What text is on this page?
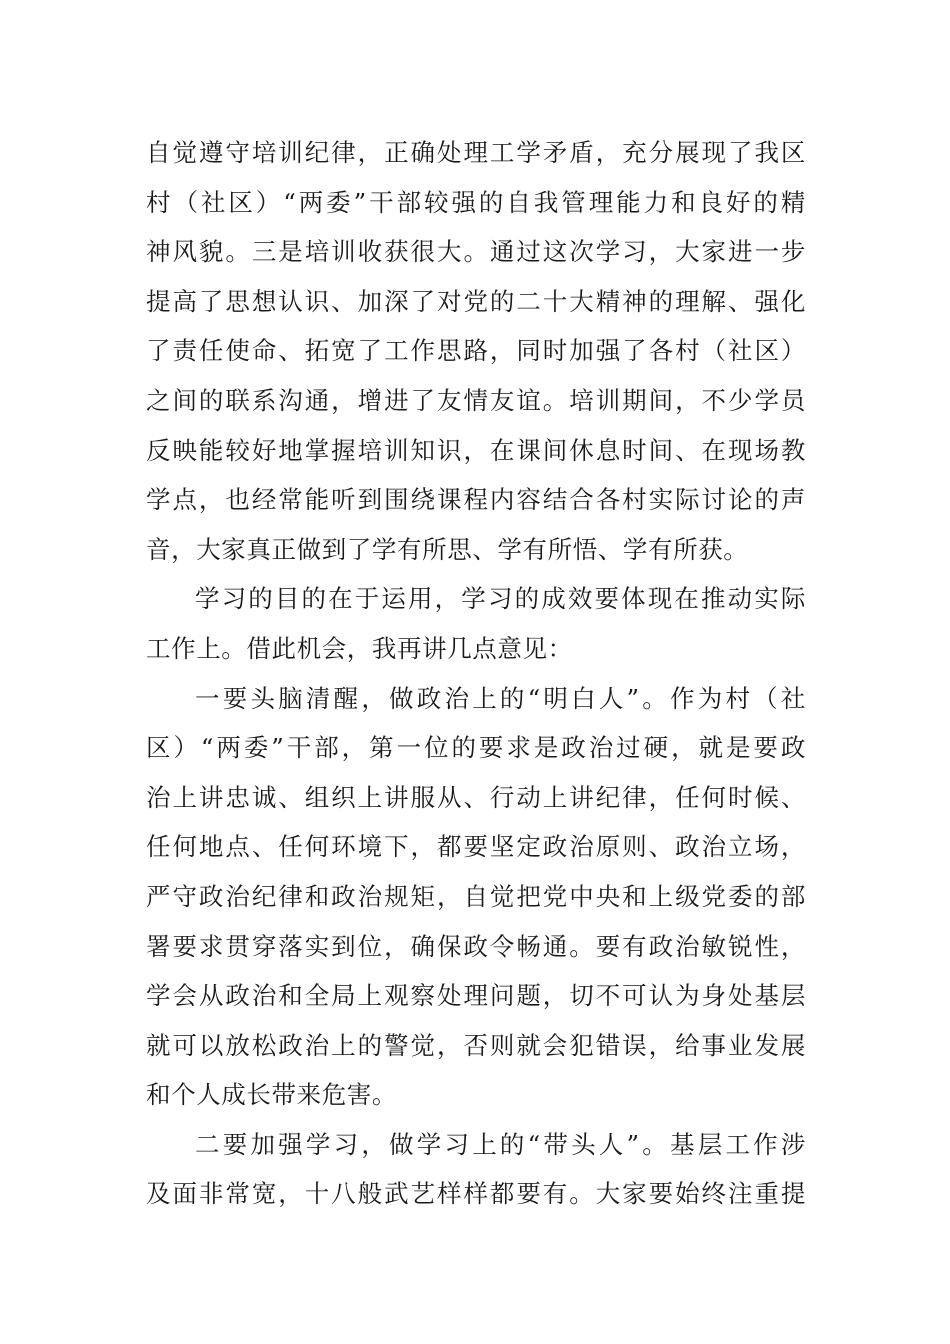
自觉遵守培训纪律，正确处理工学矛盾，充分展现了我区
村（社区）“两委”干部较强的自我管理能力和良好的精
神风貌。三是培训收获很大。通过这次学习，大家进一步
提高了思想认识、加深了对党的二十大精神的理解、强化
了责任使命、拓宽了工作思路，同时加强了各村（社区）
之间的联系沟通，增进了友情友谊。培训期间，不少学员
反映能较好地掌握培训知识，在课间休息时间、在现场教
学点，也经常能听到围绕课程内容结合各村实际讨论的声
音，大家真正做到了学有所思、学有所悟、学有所获。
学习的目的在于运用，学习的成效要体现在推动实际
工作上。借此机会，我再讲几点意见：
一要头脑清醒，做政治上的“明白人”。作为村（社
区）“两委”干部，第一位的要求是政治过硬，就是要政
治上讲忠诚、组织上讲服从、行动上讲纪律，任何时候、
任何地点、任何环境下，都要坚定政治原则、政治立场，
严守政治纪律和政治规矩，自觉把党中央和上级党委的部
署要求贯穿落实到位，确保政令畅通。要有政治敏锐性，
学会从政治和全局上观察处理问题，切不可认为身处基层
就可以放松政治上的警觉，否则就会犯错误，给事业发展
和个人成长带来危害。
二要加强学习，做学习上的“带头人”。基层工作涉
及面非常宽，十八般武艺样样都要有。大家要始终注重提
